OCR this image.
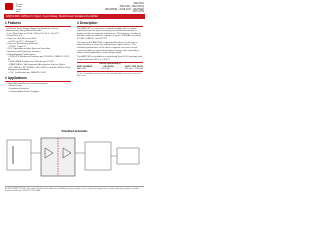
Product
Folder
Order
Now
AMC1301
AMC1301, AMC1301Q
SBAS654B - JUNE 2017 - REVISED MAY 2019
AMC1301 ±250-mV Input, 3-μs Delay, Reinforced Isolated Amplifier
1 Features
• ±250-mV Input Voltage Range Optimized for Current Measurement Using Shunt Resistors
• Low Offset Error and Drift: ±200 μV at 25°C, ±3 μV/°C
• Fixed Gain: 8.2
• Very Low Gain Error and Drift:
• ±0.3% at 25°C, ±50 ppm/°C
• Very Low Nonlinearity and Drift:
• 0.03%, 1 ppm/°C
• 3.3-V Operation on High-Side and Low-Side
• System-Level Diagnostic Features
• Safety-Related Certifications:
• 7000-VPK Reinforced Isolation per DIN VDE V 0884-11: 2017-01
• 5000-VRMS Isolation for 1 Minute per UL1577
• CAN/CSA No. 5A-Component Acceptance Service Notice
• IEC 60950-1, IEC 62368-1, IEC 61010-1 and IEC 60601-1 End Equipment Standards
• CQC Certification per GB4943.1-2011
2 Applications
• Shunt-Resistor-Based Current Sensing in:
• Motor Drives
• Frequency Inverters
• Uninterruptible Power Supplies
3 Description
The AMC1301 is a precision, isolated amplifier with an output separated from the input circuitry by an isolation barrier that is highly resistant to magnetic interference. This barrier is certified to provide reinforced galvanic isolation of up to 7 kVPEAK according to VDE V 0884-11 and UL1577.
The input of the AMC1301 is optimized for direct connection to shunt resistors or other low voltage-level signal sources. The excellent performance of the device supports accurate current control resulting in system-level power savings and, especially in motor control applications, lower torque ripple.
The AMC1301 is available in a wide-body 8-pin SOIC package and is specified from -40°C to +125°C.
Device Information(1)
PART NUMBER	PACKAGE	BODY SIZE (NOM)
AMC1301	SOIC (8)	5.85 mm × 7.50 mm
(1) For all available packages, see the orderable addendum at the end of the data sheet.
Simplified Schematic
An IMPORTANT NOTICE at the end of this data sheet addresses availability, warranty, changes, use in safety-critical applications, intellectual property matters and other important disclaimers. PRODUCTION DATA.
